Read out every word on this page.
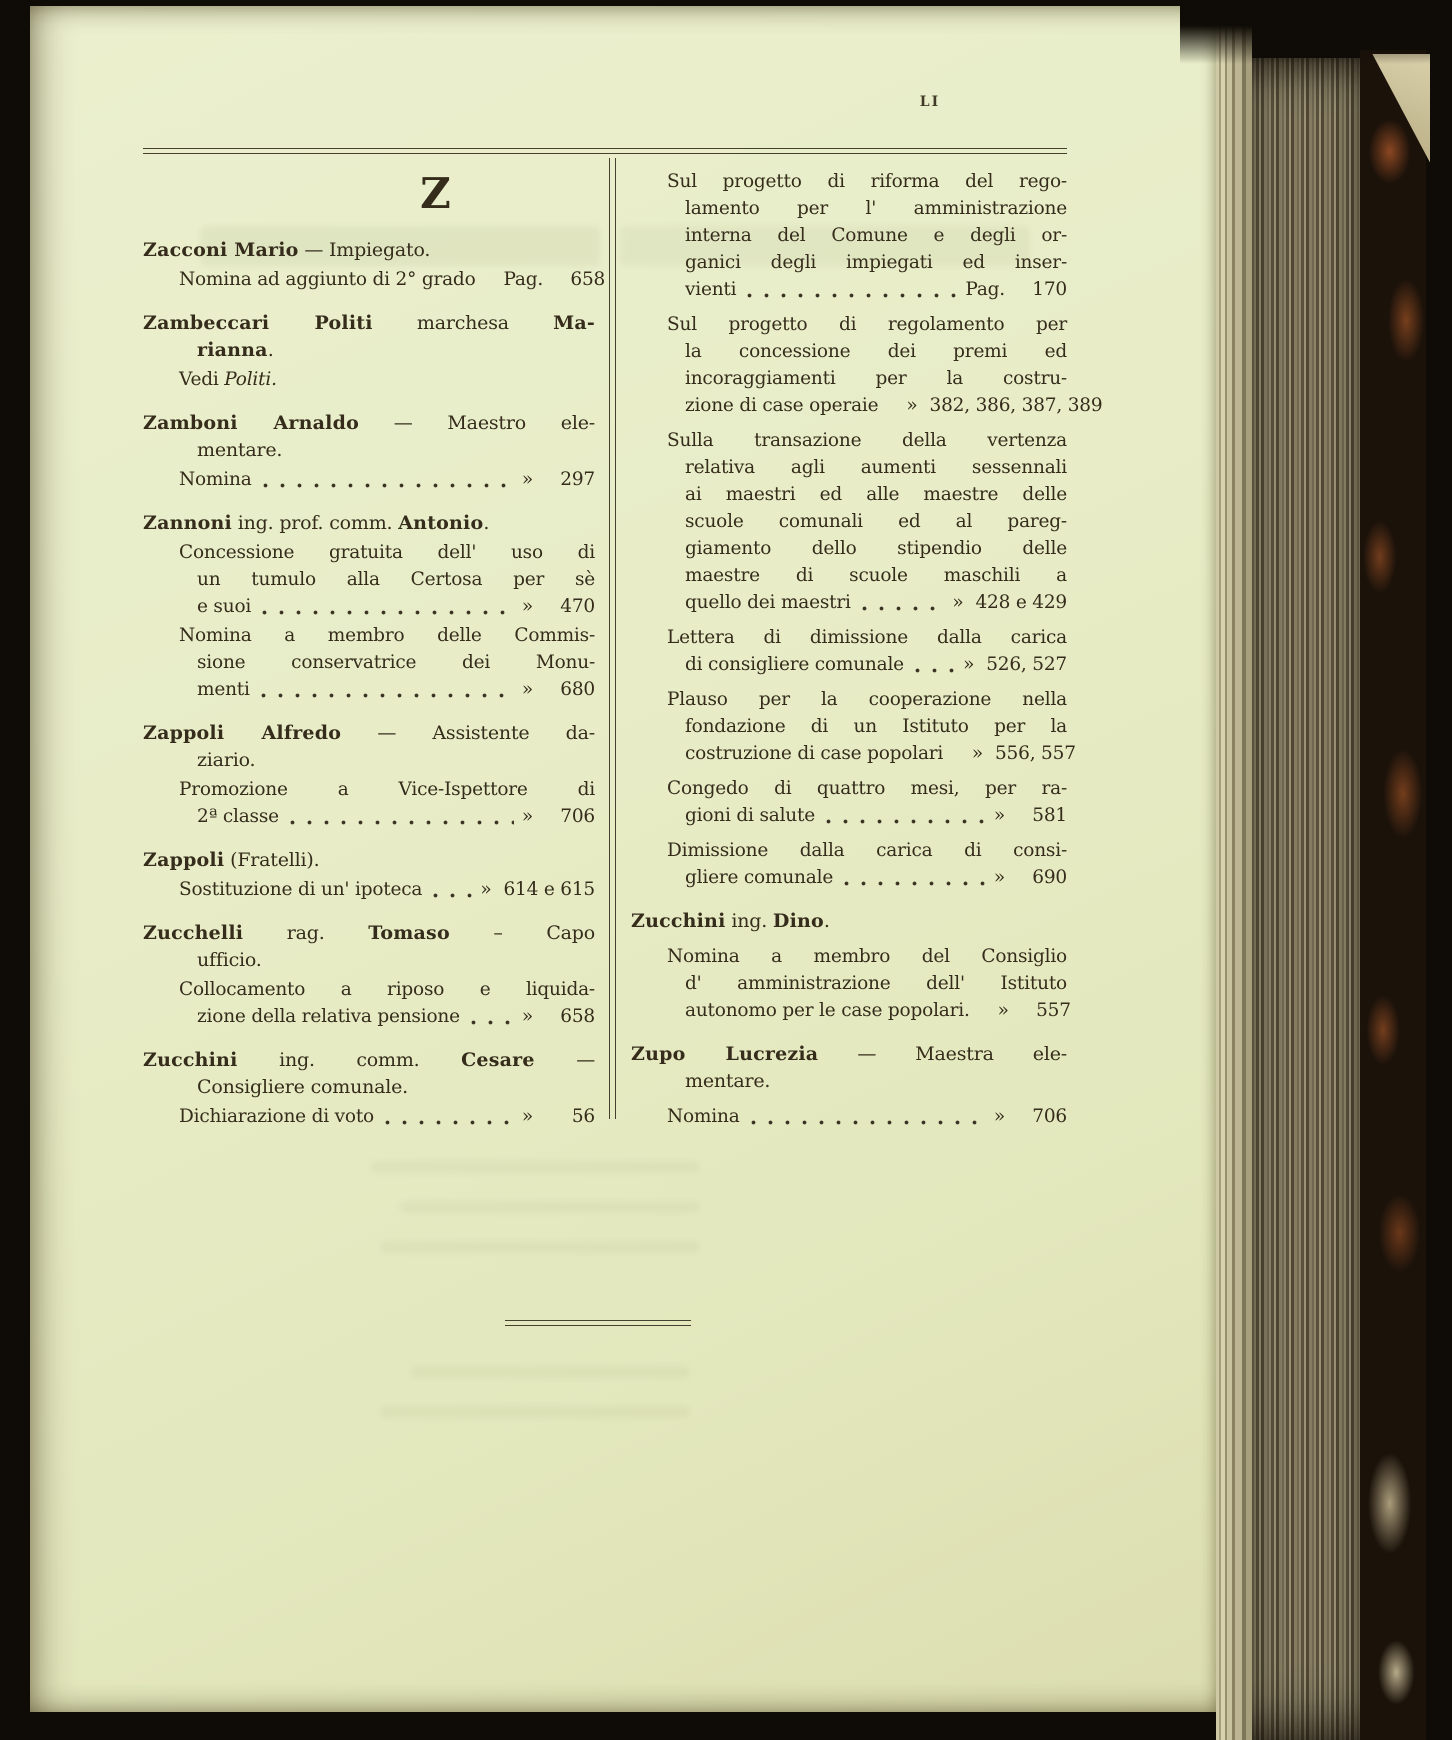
LI
Z
Zacconi Mario — Impiegato.
Nomina ad aggiunto di 2° grado Pag.	658
Zambeccari Politi marchesa Ma-
rianna.
Vedi Politi.
Zamboni Arnaldo — Maestro ele-
mentare.
Nomina	»	297
Zannoni ing. prof. comm. Antonio.
Concessione gratuita dell' uso di
un tumulo alla Certosa per sè
e suoi	»	470
Nomina a membro delle Commis-
sione conservatrice dei Monu-
menti	»	680
Zappoli Alfredo — Assistente da-
ziario.
Promozione a Vice-Ispettore di
2ª classe	»	706
Zappoli (Fratelli).
Sostituzione di un' ipoteca	» 614 e 615
Zucchelli rag. Tomaso – Capo
ufficio.
Collocamento a riposo e liquida-
zione della relativa pensione	»	658
Zucchini ing. comm. Cesare —
Consigliere comunale.
Dichiarazione di voto	»	56
Sul progetto di riforma del rego-
lamento per l' amministrazione
interna del Comune e degli or-
ganici degli impiegati ed inser-
vienti	Pag.	170
Sul progetto di regolamento per
la concessione dei premi ed
incoraggiamenti per la costru-
zione di case operaie » 382, 386, 387, 389
Sulla transazione della vertenza
relativa agli aumenti sessennali
ai maestri ed alle maestre delle
scuole comunali ed al pareg-
giamento dello stipendio delle
maestre di scuole maschili a
quello dei maestri	» 428 e 429
Lettera di dimissione dalla carica
di consigliere comunale	» 526, 527
Plauso per la cooperazione nella
fondazione di un Istituto per la
costruzione di case popolari » 556, 557
Congedo di quattro mesi, per ra-
gioni di salute	»	581
Dimissione dalla carica di consi-
gliere comunale	»	690
Zucchini ing. Dino.
Nomina a membro del Consiglio
d' amministrazione dell' Istituto
autonomo per le case popolari. »	557
Zupo Lucrezia — Maestra ele-
mentare.
Nomina	»	706
